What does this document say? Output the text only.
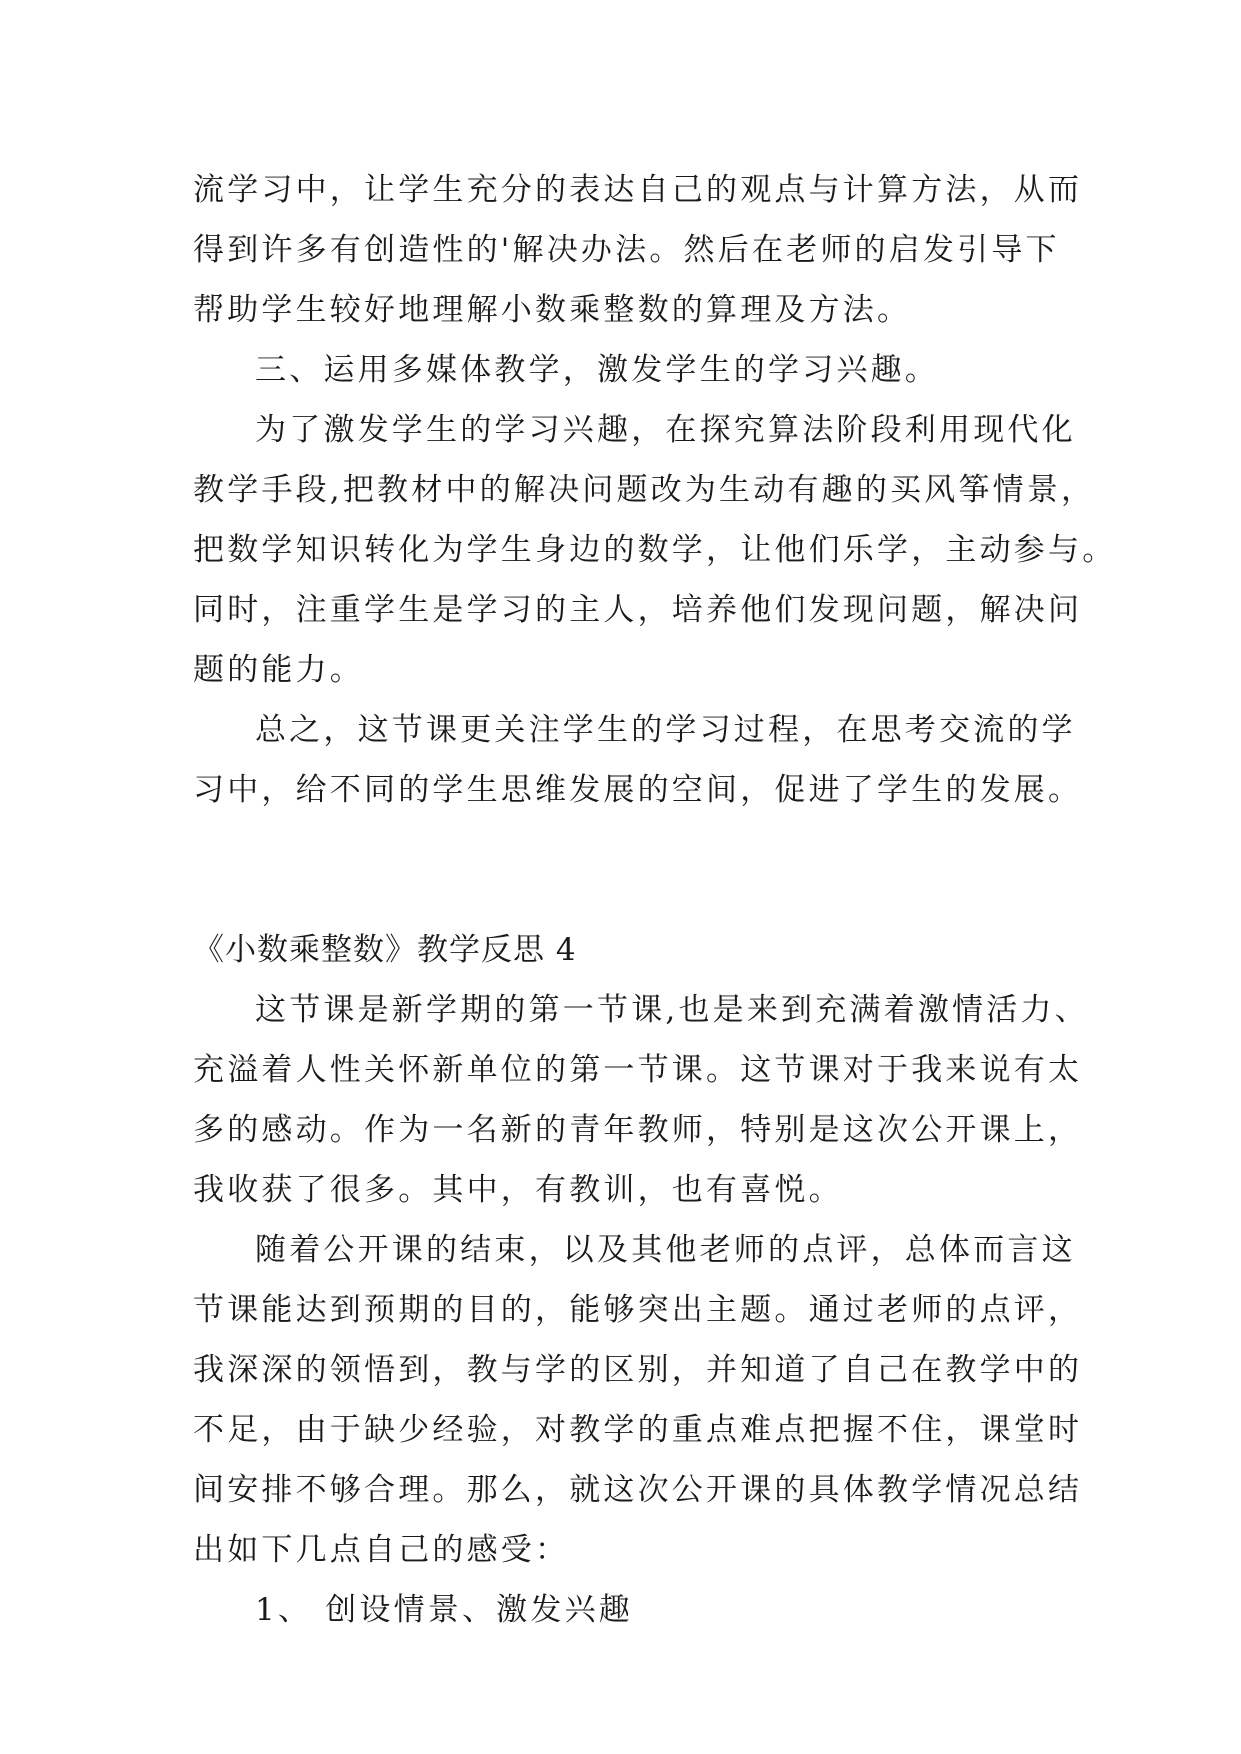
流学习中，让学生充分的表达自己的观点与计算方法，从而
得到许多有创造性的'解决办法。然后在老师的启发引导下
帮助学生较好地理解小数乘整数的算理及方法。
三、运用多媒体教学，激发学生的学习兴趣。
为了激发学生的学习兴趣，在探究算法阶段利用现代化
教学手段,把教材中的解决问题改为生动有趣的买风筝情景，
把数学知识转化为学生身边的数学，让他们乐学，主动参与。
同时，注重学生是学习的主人，培养他们发现问题，解决问
题的能力。
总之，这节课更关注学生的学习过程，在思考交流的学
习中，给不同的学生思维发展的空间，促进了学生的发展。
《小数乘整数》教学反思 4
这节课是新学期的第一节课,也是来到充满着激情活力、
充溢着人性关怀新单位的第一节课。这节课对于我来说有太
多的感动。作为一名新的青年教师，特别是这次公开课上，
我收获了很多。其中，有教训，也有喜悦。
随着公开课的结束，以及其他老师的点评，总体而言这
节课能达到预期的目的，能够突出主题。通过老师的点评，
我深深的领悟到，教与学的区别，并知道了自己在教学中的
不足，由于缺少经验，对教学的重点难点把握不住，课堂时
间安排不够合理。那么，就这次公开课的具体教学情况总结
出如下几点自己的感受：
1、 创设情景、激发兴趣
